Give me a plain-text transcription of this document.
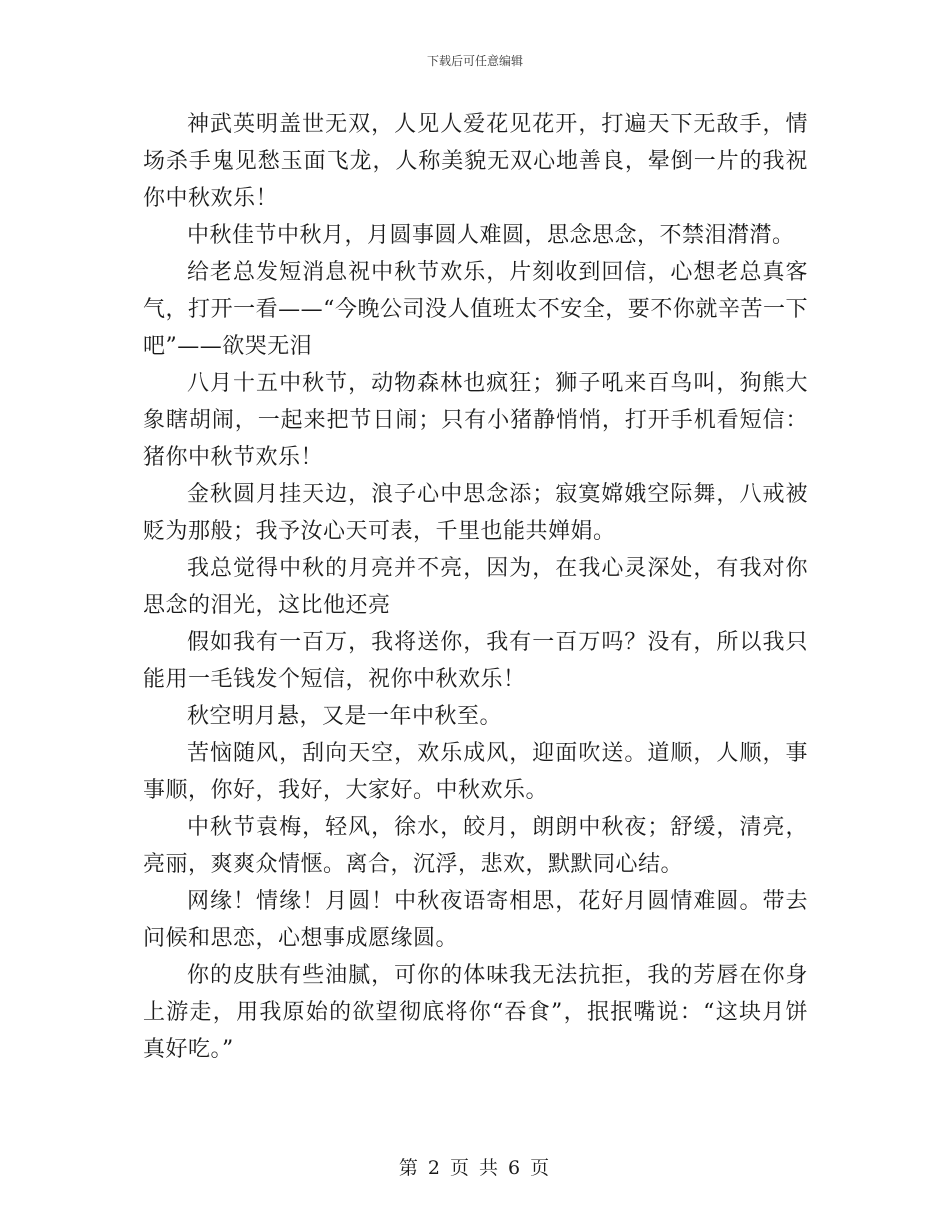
下载后可任意编辑

神武英明盖世无双，人见人爱花见花开，打遍天下无敌手，情场杀手鬼见愁玉面飞龙，人称美貌无双心地善良，晕倒一片的我祝你中秋欢乐！

中秋佳节中秋月，月圆事圆人难圆，思念思念，不禁泪潸潸。

给老总发短消息祝中秋节欢乐，片刻收到回信，心想老总真客气，打开一看——“今晚公司没人值班太不安全，要不你就辛苦一下吧”——欲哭无泪

八月十五中秋节，动物森林也疯狂；狮子吼来百鸟叫，狗熊大象瞎胡闹，一起来把节日闹；只有小猪静悄悄，打开手机看短信：猪你中秋节欢乐！

金秋圆月挂天边，浪子心中思念添；寂寞嫦娥空际舞，八戒被贬为那般；我予汝心天可表，千里也能共婵娟。

我总觉得中秋的月亮并不亮，因为，在我心灵深处，有我对你思念的泪光，这比他还亮

假如我有一百万，我将送你，我有一百万吗？没有，所以我只能用一毛钱发个短信，祝你中秋欢乐！

秋空明月悬，又是一年中秋至。

苦恼随风，刮向天空，欢乐成风，迎面吹送。道顺，人顺，事事顺，你好，我好，大家好。中秋欢乐。

中秋节袁梅，轻风，徐水，皎月，朗朗中秋夜；舒缓，清亮，亮丽，爽爽众情惬。离合，沉浮，悲欢，默默同心结。

网缘！情缘！月圆！中秋夜语寄相思，花好月圆情难圆。带去问候和思恋，心想事成愿缘圆。

你的皮肤有些油腻，可你的体味我无法抗拒，我的芳唇在你身上游走，用我原始的欲望彻底将你“吞食”，抿抿嘴说：“这块月饼真好吃。”

第 2 页 共 6 页
